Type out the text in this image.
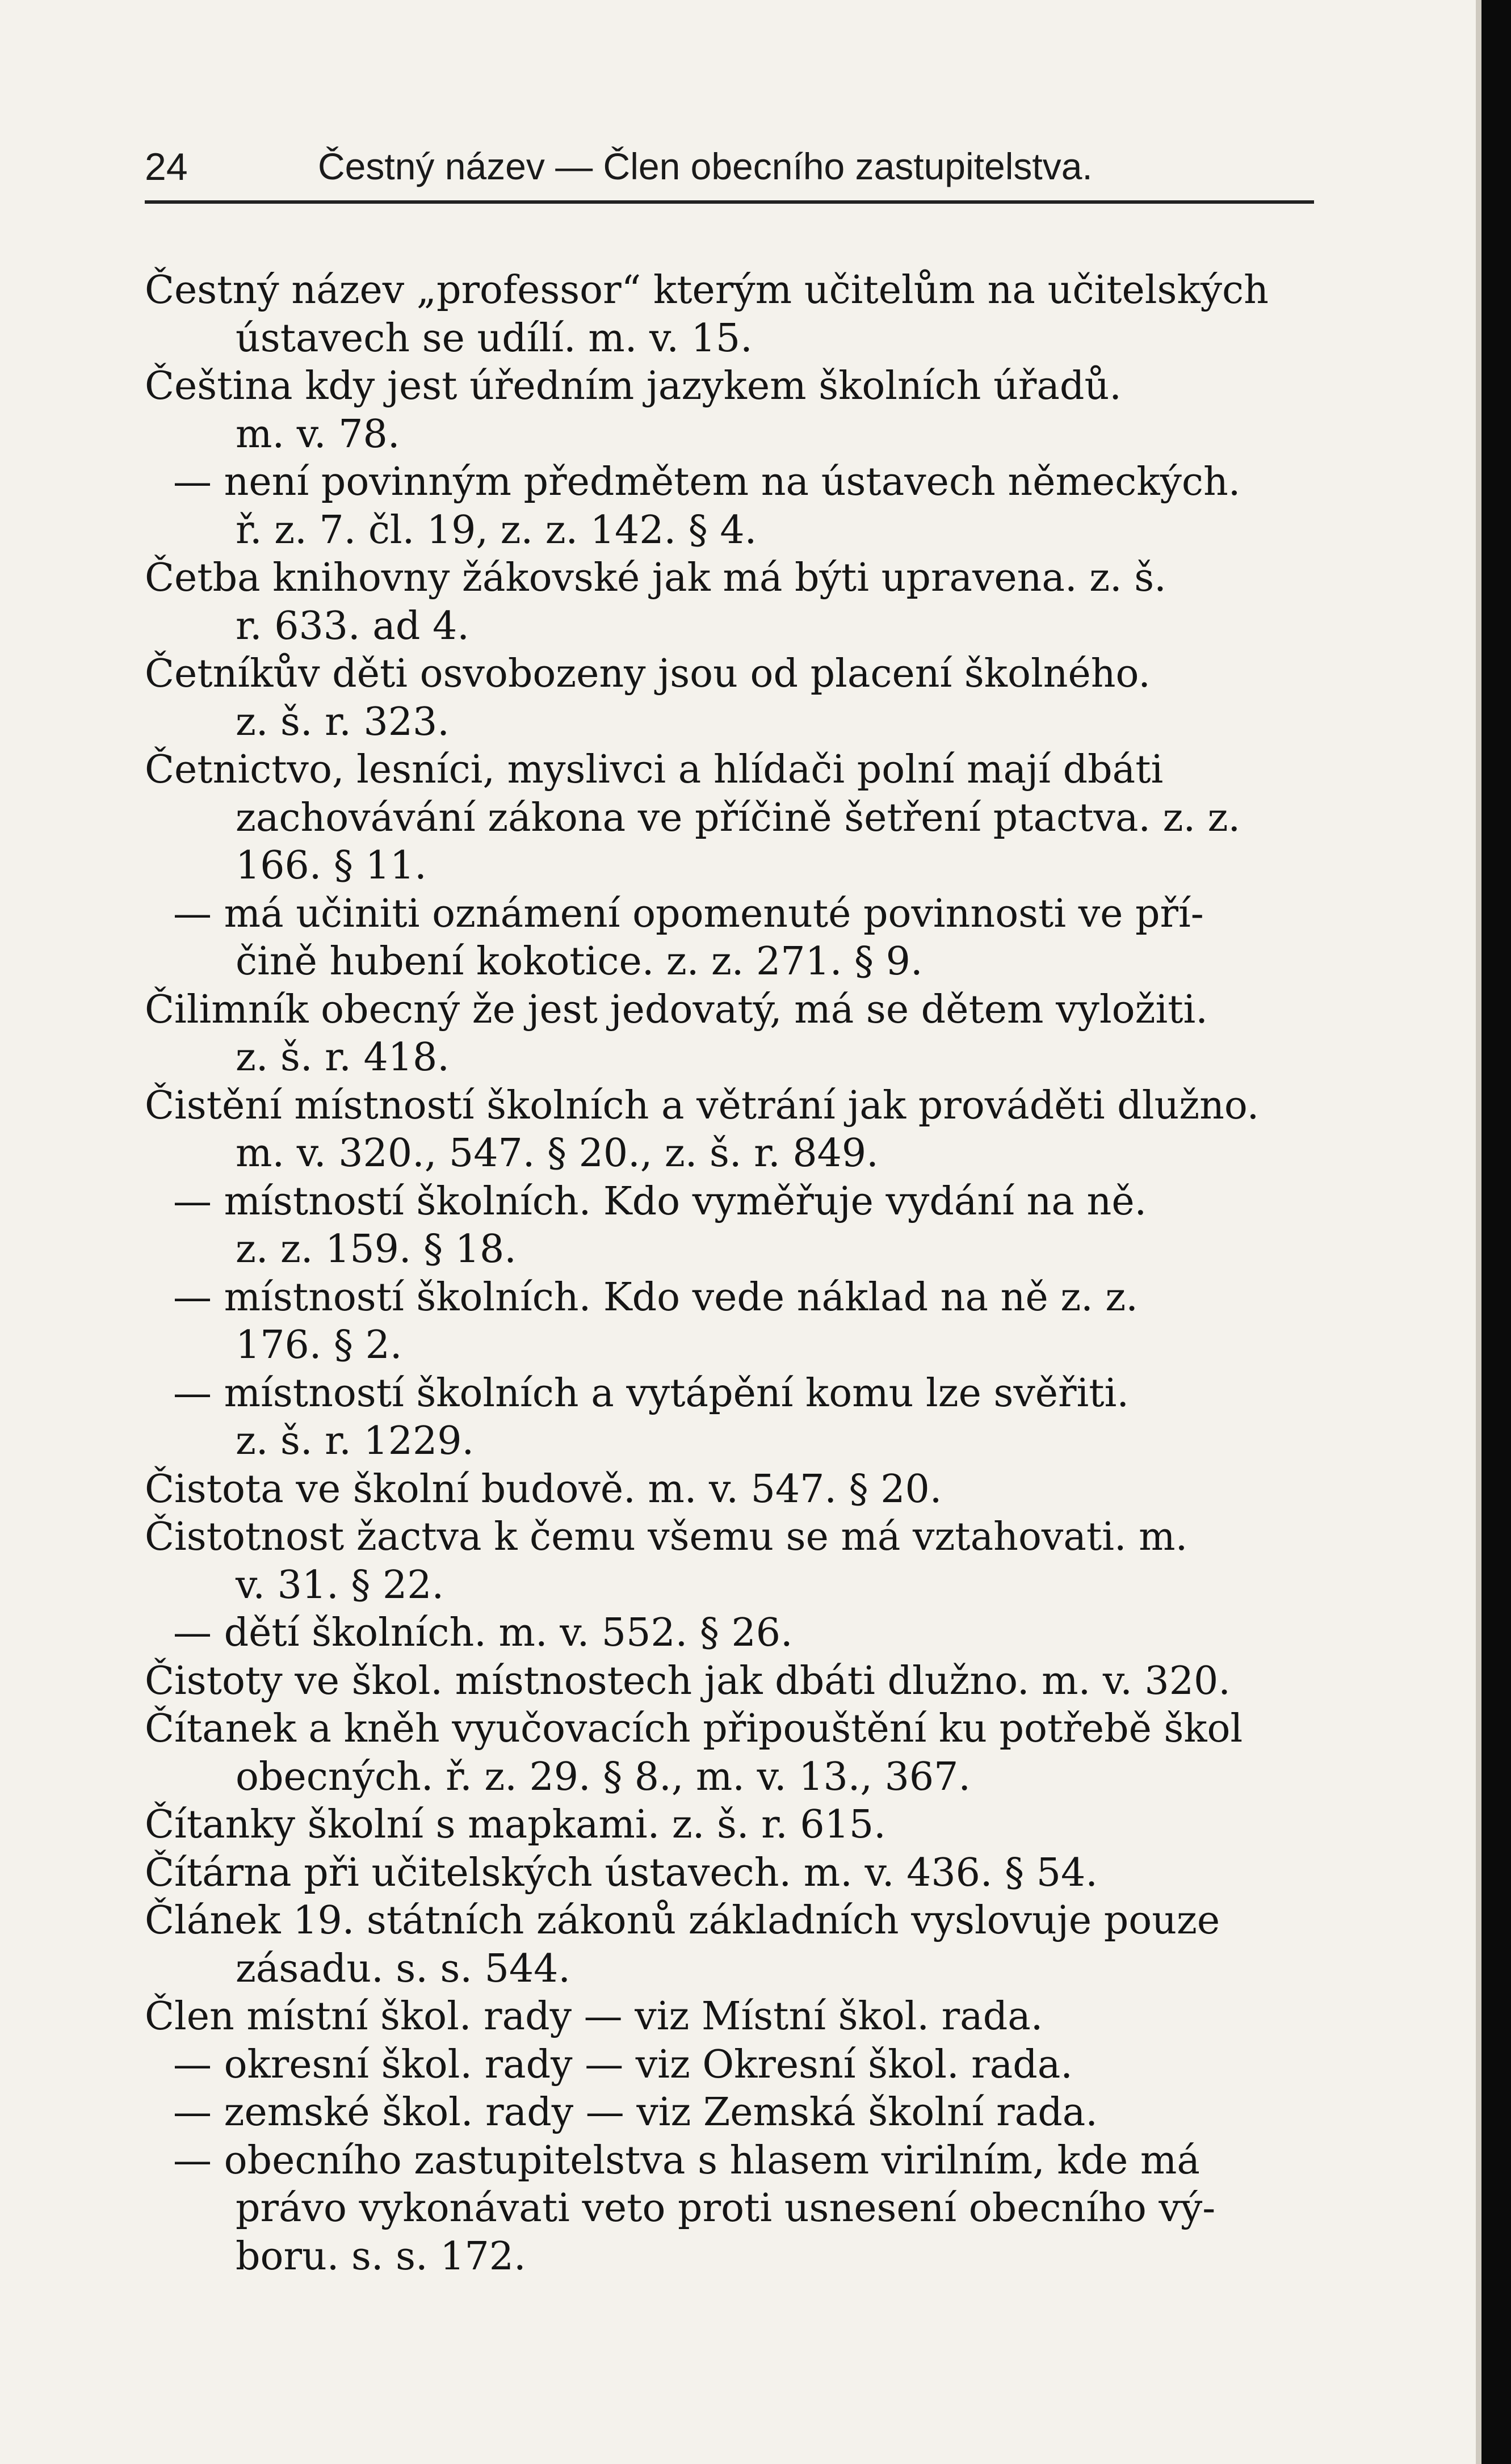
24	Čestný název — Člen obecního zastupitelstva.
Čestný název „professor“ kterým učitelům na učitelských
ústavech se udílí. m. v. 15.
Čeština kdy jest úředním jazykem školních úřadů.
m. v. 78.
— není povinným předmětem na ústavech německých.
ř. z. 7. čl. 19, z. z. 142. § 4.
Četba knihovny žákovské jak má býti upravena. z. š.
r. 633. ad 4.
Četníkův děti osvobozeny jsou od placení školného.
z. š. r. 323.
Četnictvo, lesníci, myslivci a hlídači polní mají dbáti
zachovávání zákona ve příčině šetření ptactva. z. z.
166. § 11.
— má učiniti oznámení opomenuté povinnosti ve pří-
čině hubení kokotice. z. z. 271. § 9.
Čilimník obecný že jest jedovatý, má se dětem vyložiti.
z. š. r. 418.
Čistění místností školních a větrání jak prováděti dlužno.
m. v. 320., 547. § 20., z. š. r. 849.
— místností školních. Kdo vyměřuje vydání na ně.
z. z. 159. § 18.
— místností školních. Kdo vede náklad na ně z. z.
176. § 2.
— místností školních a vytápění komu lze svěřiti.
z. š. r. 1229.
Čistota ve školní budově. m. v. 547. § 20.
Čistotnost žactva k čemu všemu se má vztahovati. m.
v. 31. § 22.
— dětí školních. m. v. 552. § 26.
Čistoty ve škol. místnostech jak dbáti dlužno. m. v. 320.
Čítanek a kněh vyučovacích připouštění ku potřebě škol
obecných. ř. z. 29. § 8., m. v. 13., 367.
Čítanky školní s mapkami. z. š. r. 615.
Čítárna při učitelských ústavech. m. v. 436. § 54.
Článek 19. státních zákonů základních vyslovuje pouze
zásadu. s. s. 544.
Člen místní škol. rady — viz Místní škol. rada.
— okresní škol. rady — viz Okresní škol. rada.
— zemské škol. rady — viz Zemská školní rada.
— obecního zastupitelstva s hlasem virilním, kde má
právo vykonávati veto proti usnesení obecního vý-
boru. s. s. 172.
